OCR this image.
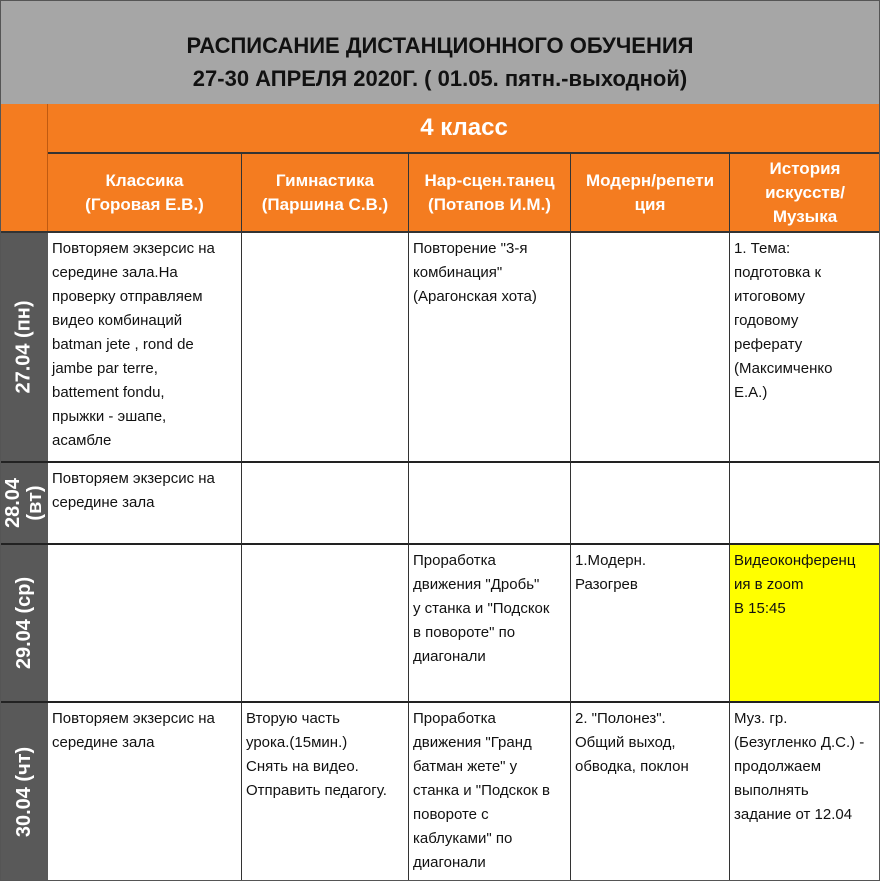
РАСПИСАНИЕ ДИСТАНЦИОННОГО ОБУЧЕНИЯ
27-30 АПРЕЛЯ 2020Г. ( 01.05. пятн.-выходной)
4 класс
Классика
(Горовая Е.В.)
Гимнастика
(Паршина С.В.)
Нар-сцен.танец
(Потапов И.М.)
Модерн/репети
ция
История
искусств/
Музыка
27.04 (пн)
Повторяем экзерсис на
середине зала.На
проверку отправляем
видео комбинаций
batman jete , rond de
jambe par terre,
battement fondu,
прыжки - эшапе,
асамбле
Повторение "3-я
комбинация"
(Арагонская хота)
1. Тема:
подготовка к
итоговому
годовому
реферату
(Максимченко
Е.А.)
28.04 (вт)
Повторяем экзерсис на
середине зала
29.04 (ср)
Проработка
движения "Дробь"
у станка и "Подскок
в повороте" по
диагонали
1.Модерн.
Разогрев
Видеоконференц
ия в zoom
В 15:45
30.04 (чт)
Повторяем экзерсис на
середине зала
Вторую часть
урока.(15мин.)
Снять на видео.
Отправить педагогу.
Проработка
движения "Гранд
батман жете" у
станка и "Подскок в
повороте с
каблуками" по
диагонали
2. "Полонез".
Общий выход,
обводка, поклон
Муз. гр.
(Безугленко Д.С.) -
продолжаем
выполнять
задание от 12.04
